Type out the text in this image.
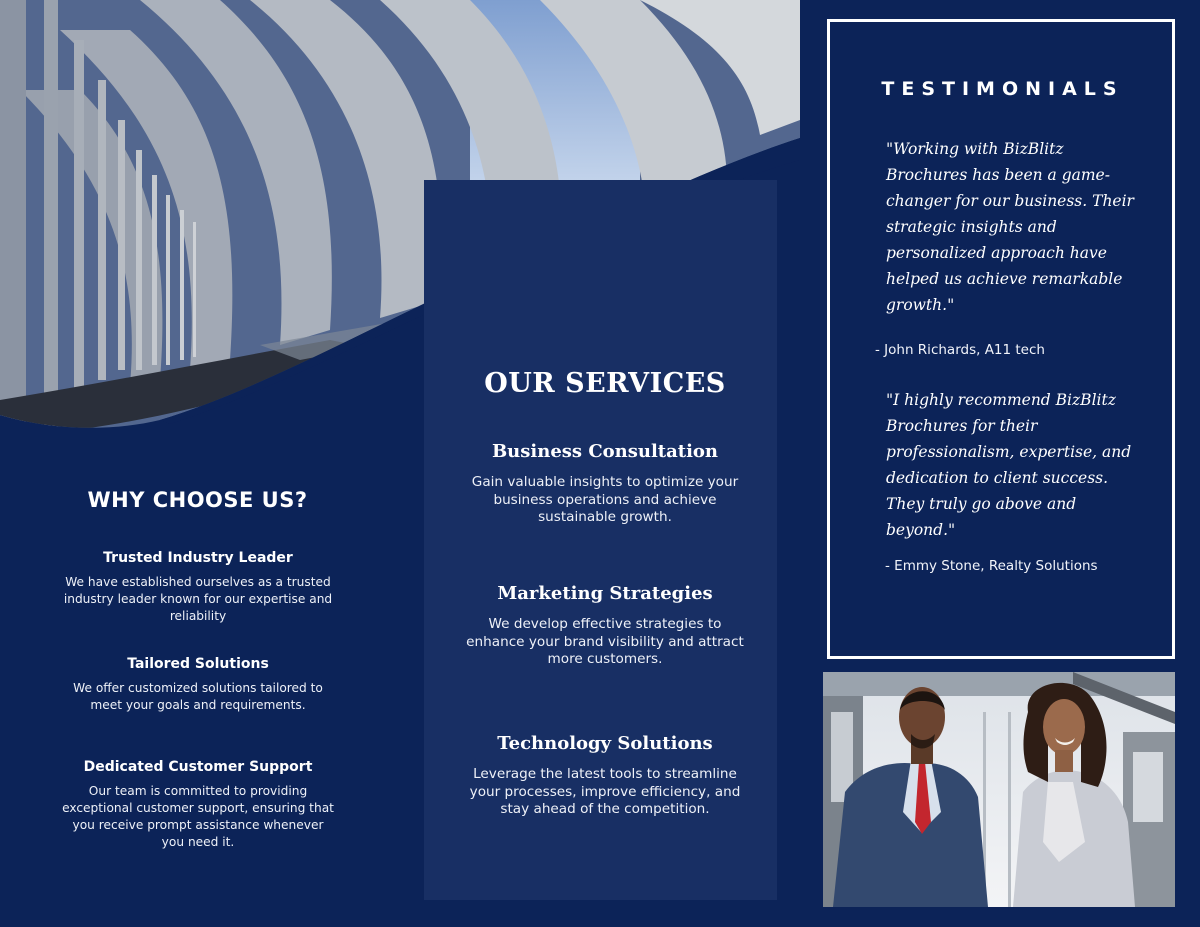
OUR SERVICES
Business Consultation

Gain valuable insights to optimize your business operations and achieve sustainable growth.

Marketing Strategies

We develop effective strategies to enhance your brand visibility and attract more customers.

Technology Solutions

Leverage the latest tools to streamline your processes, improve efficiency, and stay ahead of the competition.

WHY CHOOSE US?
Trusted Industry Leader

We have established ourselves as a trusted industry leader known for our expertise and reliability

Tailored Solutions

We offer customized solutions tailored to meet your goals and requirements.

Dedicated Customer Support

Our team is committed to providing exceptional customer support, ensuring that you receive prompt assistance whenever you need it.

TESTIMONIALS

"Working with BizBlitz Brochures has been a game-changer for our business. Their strategic insights and personalized approach have helped us achieve remarkable growth."

- John Richards, A11 tech

"I highly recommend BizBlitz Brochures for their professionalism, expertise, and dedication to client success. They truly go above and beyond."

- Emmy Stone, Realty Solutions
